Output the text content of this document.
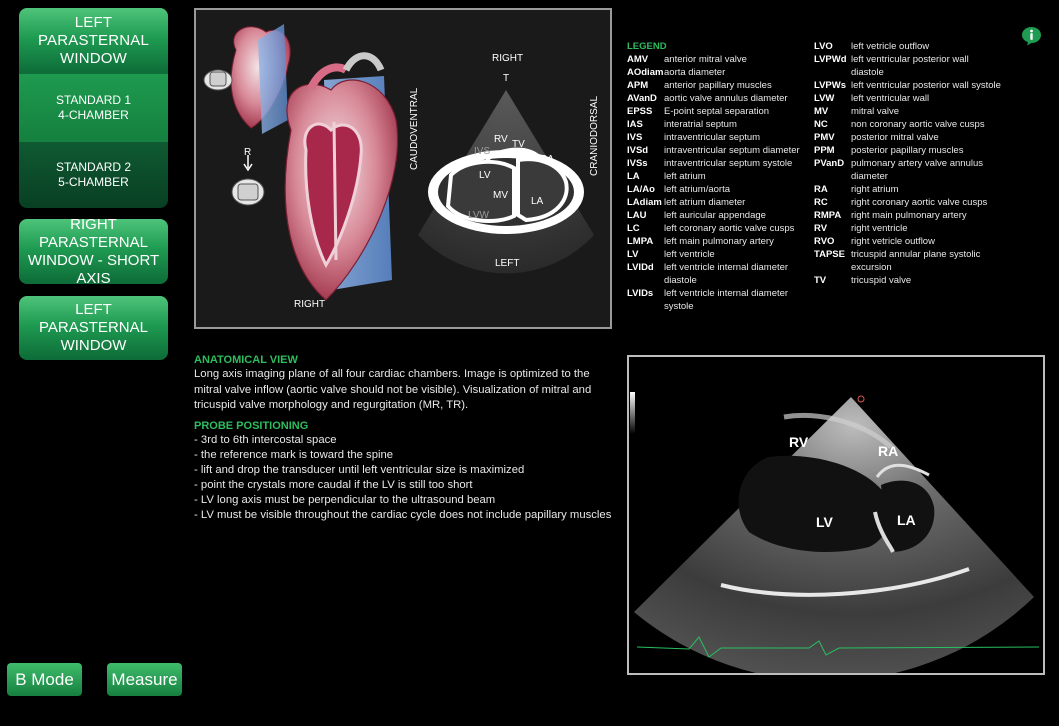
LEFT PARASTERNAL
WINDOW
STANDARD 1
4-CHAMBER
STANDARD 2
5-CHAMBER
RIGHT PARASTERNAL
WINDOW - SHORT AXIS
LEFT PARASTERNAL
WINDOW
B Mode	Measure
R
RIGHT
RIGHT
T
LEFT
CAUDOVENTRAL	CRANIODORSAL
RV TV
IVS
RA
LV
MV
LA
LVW
LEGEND
AMV	anterior mitral valve
AOdiam aorta diameter
APM	anterior papillary muscles
AVanD aortic valve annulus diameter
EPSS	E-point septal separation
IAS	interatrial septum
IVS	intraventricular septum
IVSd	intraventricular septum diameter
IVSs	intraventricular septum systole
LA	left atrium
LA/Ao left atrium/aorta
LAdiam left atrium diameter
LAU	left auricular appendage
LC	left coronary aortic valve cusps
LMPA	left main pulmonary artery
LV	left ventricle
LVIDd	left ventricle internal diameter diastole
LVIDs	left ventricle internal diameter systole
LVO	left vetricle outflow
LVPWd left ventricular posterior wall diastole
LVPWs left ventricular posterior wall systole
LVW	left ventricular wall
MV	mitral valve
NC	non coronary aortic valve cusps
PMV	posterior mitral valve
PPM	posterior papillary muscles
PVanD pulmonary artery valve annulus diameter
RA	right atrium
RC	right coronary aortic valve cusps
RMPA	right main pulmonary artery
RV	right ventricle
RVO	right vetricle outflow
TAPSE tricuspid annular plane systolic excursion
TV	tricuspid valve
ANATOMICAL VIEW

Long axis imaging plane of all four cardiac chambers. Image is optimized to the mitral valve inflow (aortic valve should not be visible). Visualization of mitral and tricuspid valve morphology and regurgitation (MR, TR).

PROBE POSITIONING
- 3rd to 6th intercostal space
- the reference mark is toward the spine
- lift and drop the transducer until left ventricular size is maximized
- point the crystals more caudal if the LV is still too short
- LV long axis must be perpendicular to the ultrasound beam
- LV must be visible throughout the cardiac cycle does not include papillary muscles
RV
RA
LV	LA
